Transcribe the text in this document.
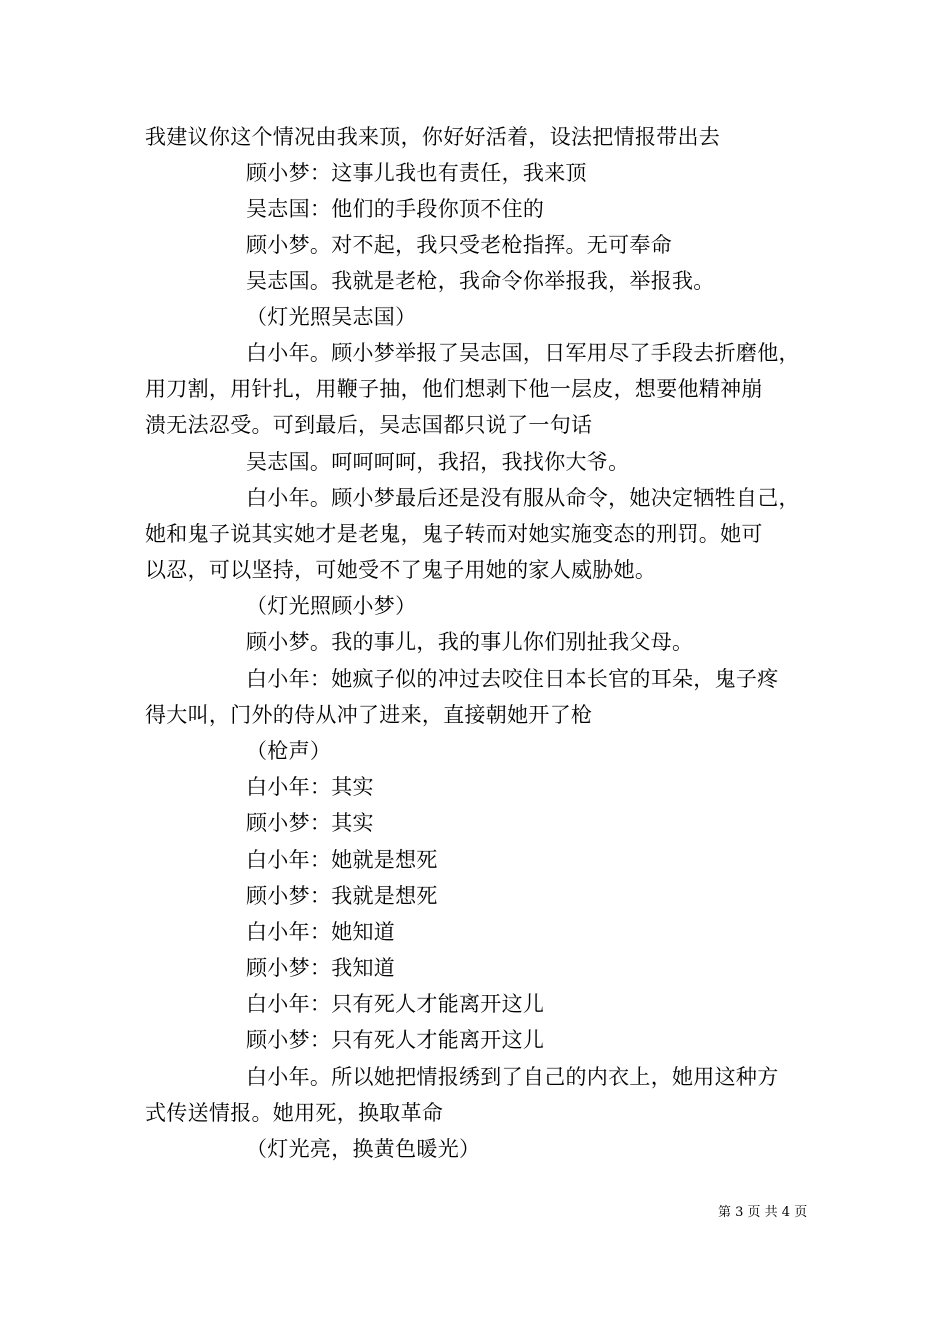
我建议你这个情况由我来顶，你好好活着，设法把情报带出去
顾小梦：这事儿我也有责任，我来顶
吴志国：他们的手段你顶不住的
顾小梦。对不起，我只受老枪指挥。无可奉命
吴志国。我就是老枪，我命令你举报我，举报我。
（灯光照吴志国）
白小年。顾小梦举报了吴志国，日军用尽了手段去折磨他，
用刀割，用针扎，用鞭子抽，他们想剥下他一层皮，想要他精神崩
溃无法忍受。可到最后，吴志国都只说了一句话
吴志国。呵呵呵呵，我招，我找你大爷。
白小年。顾小梦最后还是没有服从命令，她决定牺牲自己，
她和鬼子说其实她才是老鬼，鬼子转而对她实施变态的刑罚。她可
以忍，可以坚持，可她受不了鬼子用她的家人威胁她。
（灯光照顾小梦）
顾小梦。我的事儿，我的事儿你们别扯我父母。
白小年：她疯子似的冲过去咬住日本长官的耳朵，鬼子疼
得大叫，门外的侍从冲了进来，直接朝她开了枪
（枪声）
白小年：其实
顾小梦：其实
白小年：她就是想死
顾小梦：我就是想死
白小年：她知道
顾小梦：我知道
白小年：只有死人才能离开这儿
顾小梦：只有死人才能离开这儿
白小年。所以她把情报绣到了自己的内衣上，她用这种方
式传送情报。她用死，换取革命
（灯光亮，换黄色暖光）
第 3 页 共 4 页
